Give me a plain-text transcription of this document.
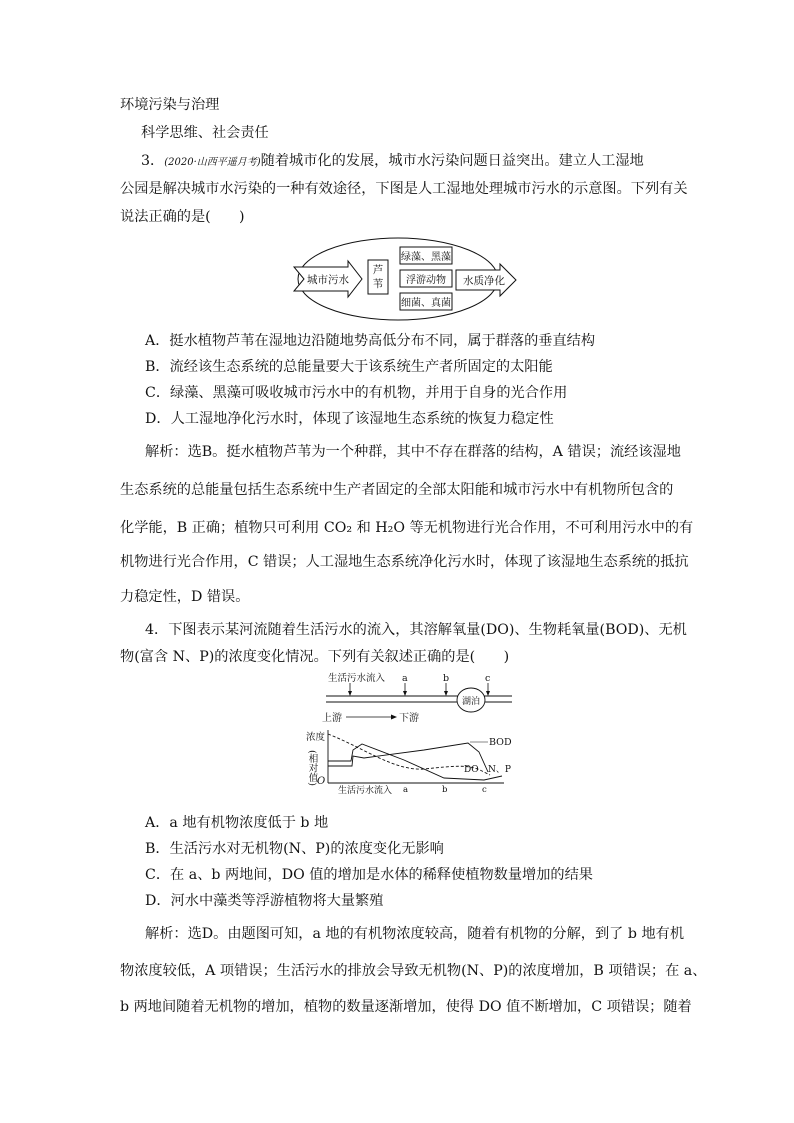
环境污染与治理
科学思维、社会责任
3．(2020·山西平遥月考)随着城市化的发展，城市水污染问题日益突出。建立人工湿地
公园是解决城市水污染的一种有效途径，下图是人工湿地处理城市污水的示意图。下列有关
说法正确的是(　　)
城市污水
芦
苇
绿藻、黑藻
浮游动物
细菌、真菌
水质净化
A．挺水植物芦苇在湿地边沿随地势高低分布不同，属于群落的垂直结构
B．流经该生态系统的总能量要大于该系统生产者所固定的太阳能
C．绿藻、黑藻可吸收城市污水中的有机物，并用于自身的光合作用
D．人工湿地净化污水时，体现了该湿地生态系统的恢复力稳定性
解析：选B。挺水植物芦苇为一个种群，其中不存在群落的结构，A 错误；流经该湿地
生态系统的总能量包括生态系统中生产者固定的全部太阳能和城市污水中有机物所包含的
化学能，B 正确；植物只可利用 CO₂ 和 H₂O 等无机物进行光合作用，不可利用污水中的有
机物进行光合作用，C 错误；人工湿地生态系统净化污水时，体现了该湿地生态系统的抵抗
力稳定性，D 错误。
4．下图表示某河流随着生活污水的流入，其溶解氧量(DO)、生物耗氧量(BOD)、无机
物(富含 N、P)的浓度变化情况。下列有关叙述正确的是(　　)
生活污水流入 a	b	c
湖泊
上游	下游
浓度
(相对值) O
生活污水流入 a	b	c
BOD
DO N、P
A．a 地有机物浓度低于 b 地
B．生活污水对无机物(N、P)的浓度变化无影响
C．在 a、b 两地间，DO 值的增加是水体的稀释使植物数量增加的结果
D．河水中藻类等浮游植物将大量繁殖
解析：选D。由题图可知，a 地的有机物浓度较高，随着有机物的分解，到了 b 地有机
物浓度较低，A 项错误；生活污水的排放会导致无机物(N、P)的浓度增加，B 项错误；在 a、
b 两地间随着无机物的增加，植物的数量逐渐增加，使得 DO 值不断增加，C 项错误；随着
